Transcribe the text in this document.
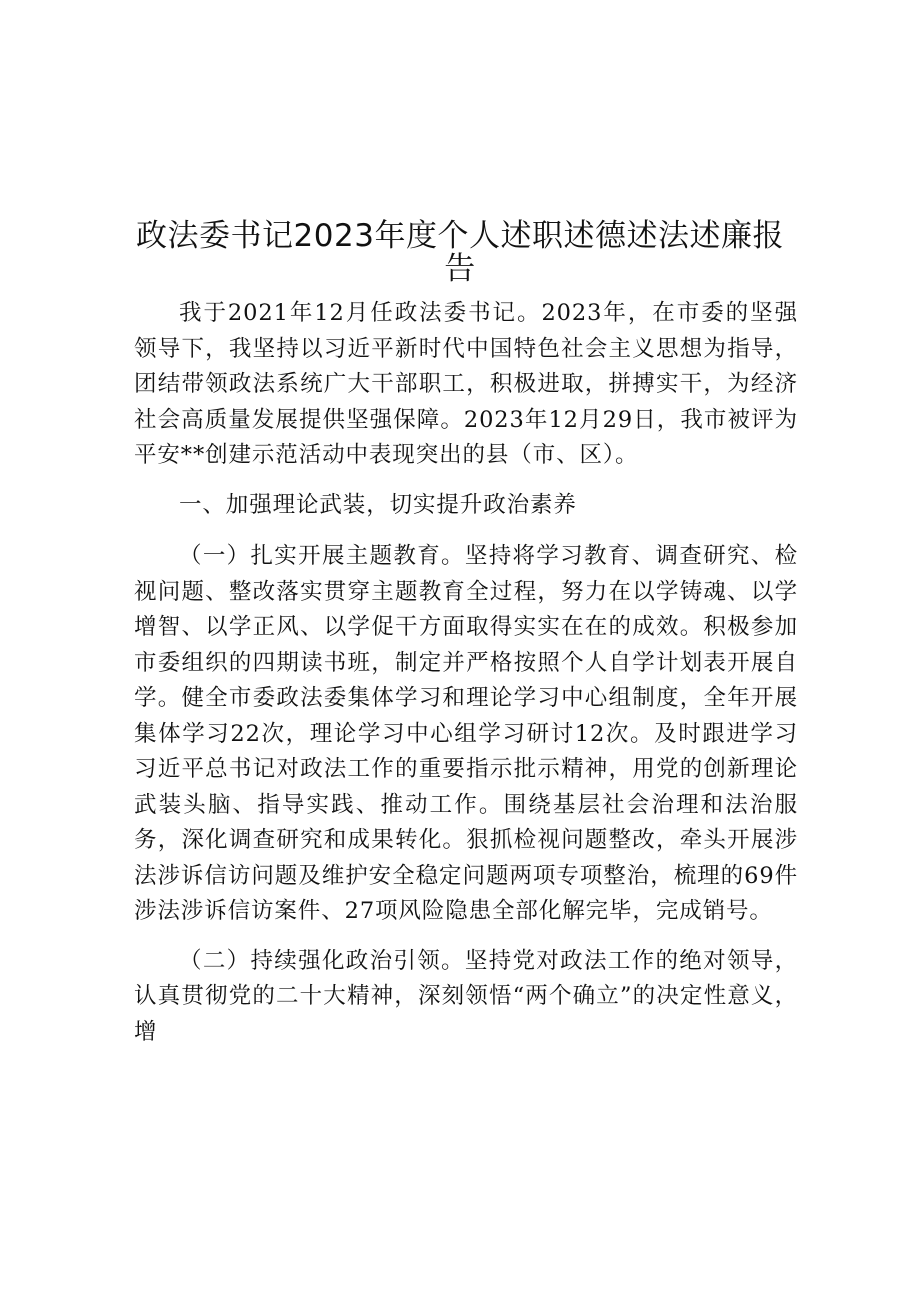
政法委书记2023年度个人述职述德述法述廉报告

我于2021年12月任政法委书记。2023年，在市委的坚强领导下，我坚持以习近平新时代中国特色社会主义思想为指导，团结带领政法系统广大干部职工，积极进取，拼搏实干，为经济社会高质量发展提供坚强保障。2023年12月29日，我市被评为平安**创建示范活动中表现突出的县（市、区）。

一、加强理论武装，切实提升政治素养

（一）扎实开展主题教育。坚持将学习教育、调查研究、检视问题、整改落实贯穿主题教育全过程，努力在以学铸魂、以学增智、以学正风、以学促干方面取得实实在在的成效。积极参加市委组织的四期读书班，制定并严格按照个人自学计划表开展自学。健全市委政法委集体学习和理论学习中心组制度，全年开展集体学习22次，理论学习中心组学习研讨12次。及时跟进学习习近平总书记对政法工作的重要指示批示精神，用党的创新理论武装头脑、指导实践、推动工作。围绕基层社会治理和法治服务，深化调查研究和成果转化。狠抓检视问题整改，牵头开展涉法涉诉信访问题及维护安全稳定问题两项专项整治，梳理的69件涉法涉诉信访案件、27项风险隐患全部化解完毕，完成销号。

（二）持续强化政治引领。坚持党对政法工作的绝对领导，认真贯彻党的二十大精神，深刻领悟“两个确立”的决定性意义，增
